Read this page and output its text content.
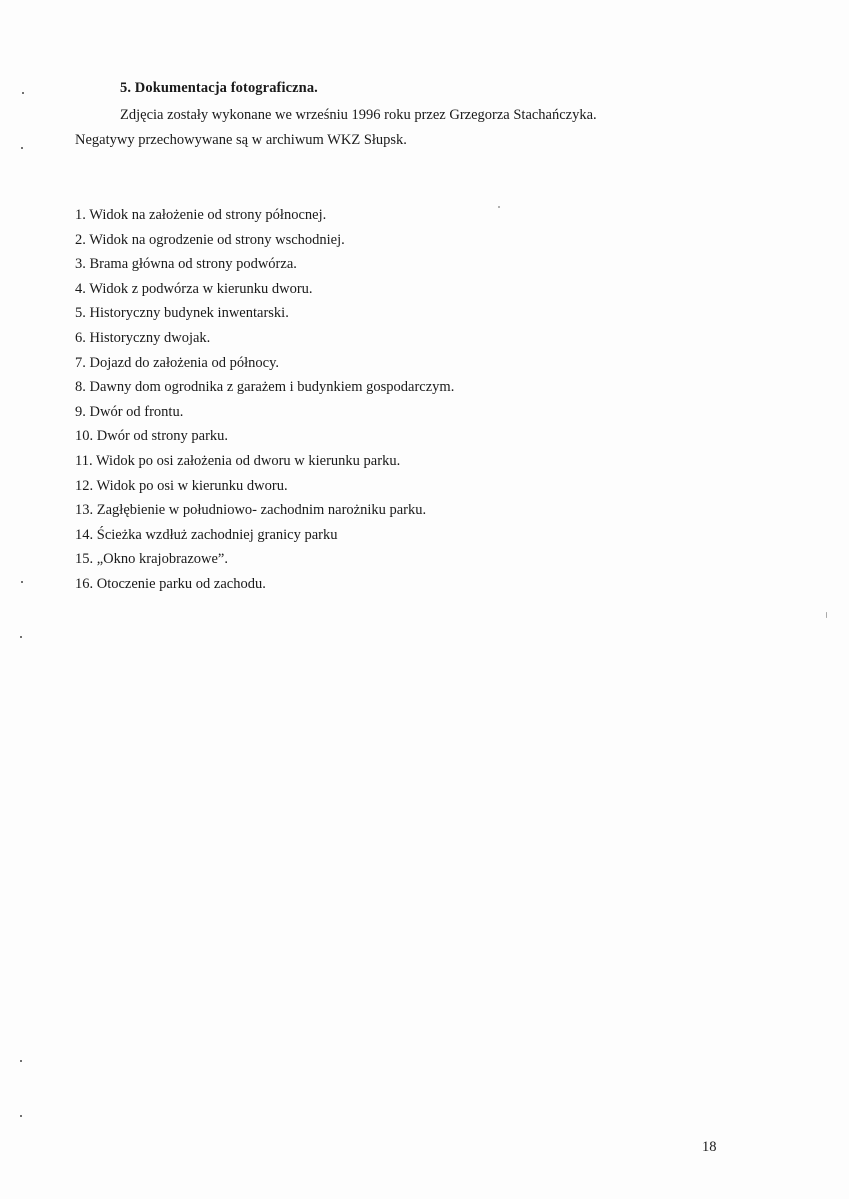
5. Dokumentacja fotograficzna.
Zdjęcia zostały wykonane we wrześniu 1996 roku przez Grzegorza Stachańczyka.
Negatywy przechowywane są w archiwum WKZ Słupsk.
1. Widok na założenie od strony północnej.
2. Widok na ogrodzenie od strony wschodniej.
3. Brama główna od strony podwórza.
4. Widok z podwórza w kierunku dworu.
5. Historyczny budynek inwentarski.
6. Historyczny dwojak.
7. Dojazd do założenia od północy.
8. Dawny dom ogrodnika z garażem i budynkiem gospodarczym.
9. Dwór od frontu.
10. Dwór od strony parku.
11. Widok po osi założenia od dworu w kierunku parku.
12. Widok po osi w kierunku dworu.
13. Zagłębienie w południowo- zachodnim narożniku parku.
14. Ścieżka wzdłuż zachodniej granicy parku
15. „Okno krajobrazowe”.
16. Otoczenie parku od zachodu.
18
